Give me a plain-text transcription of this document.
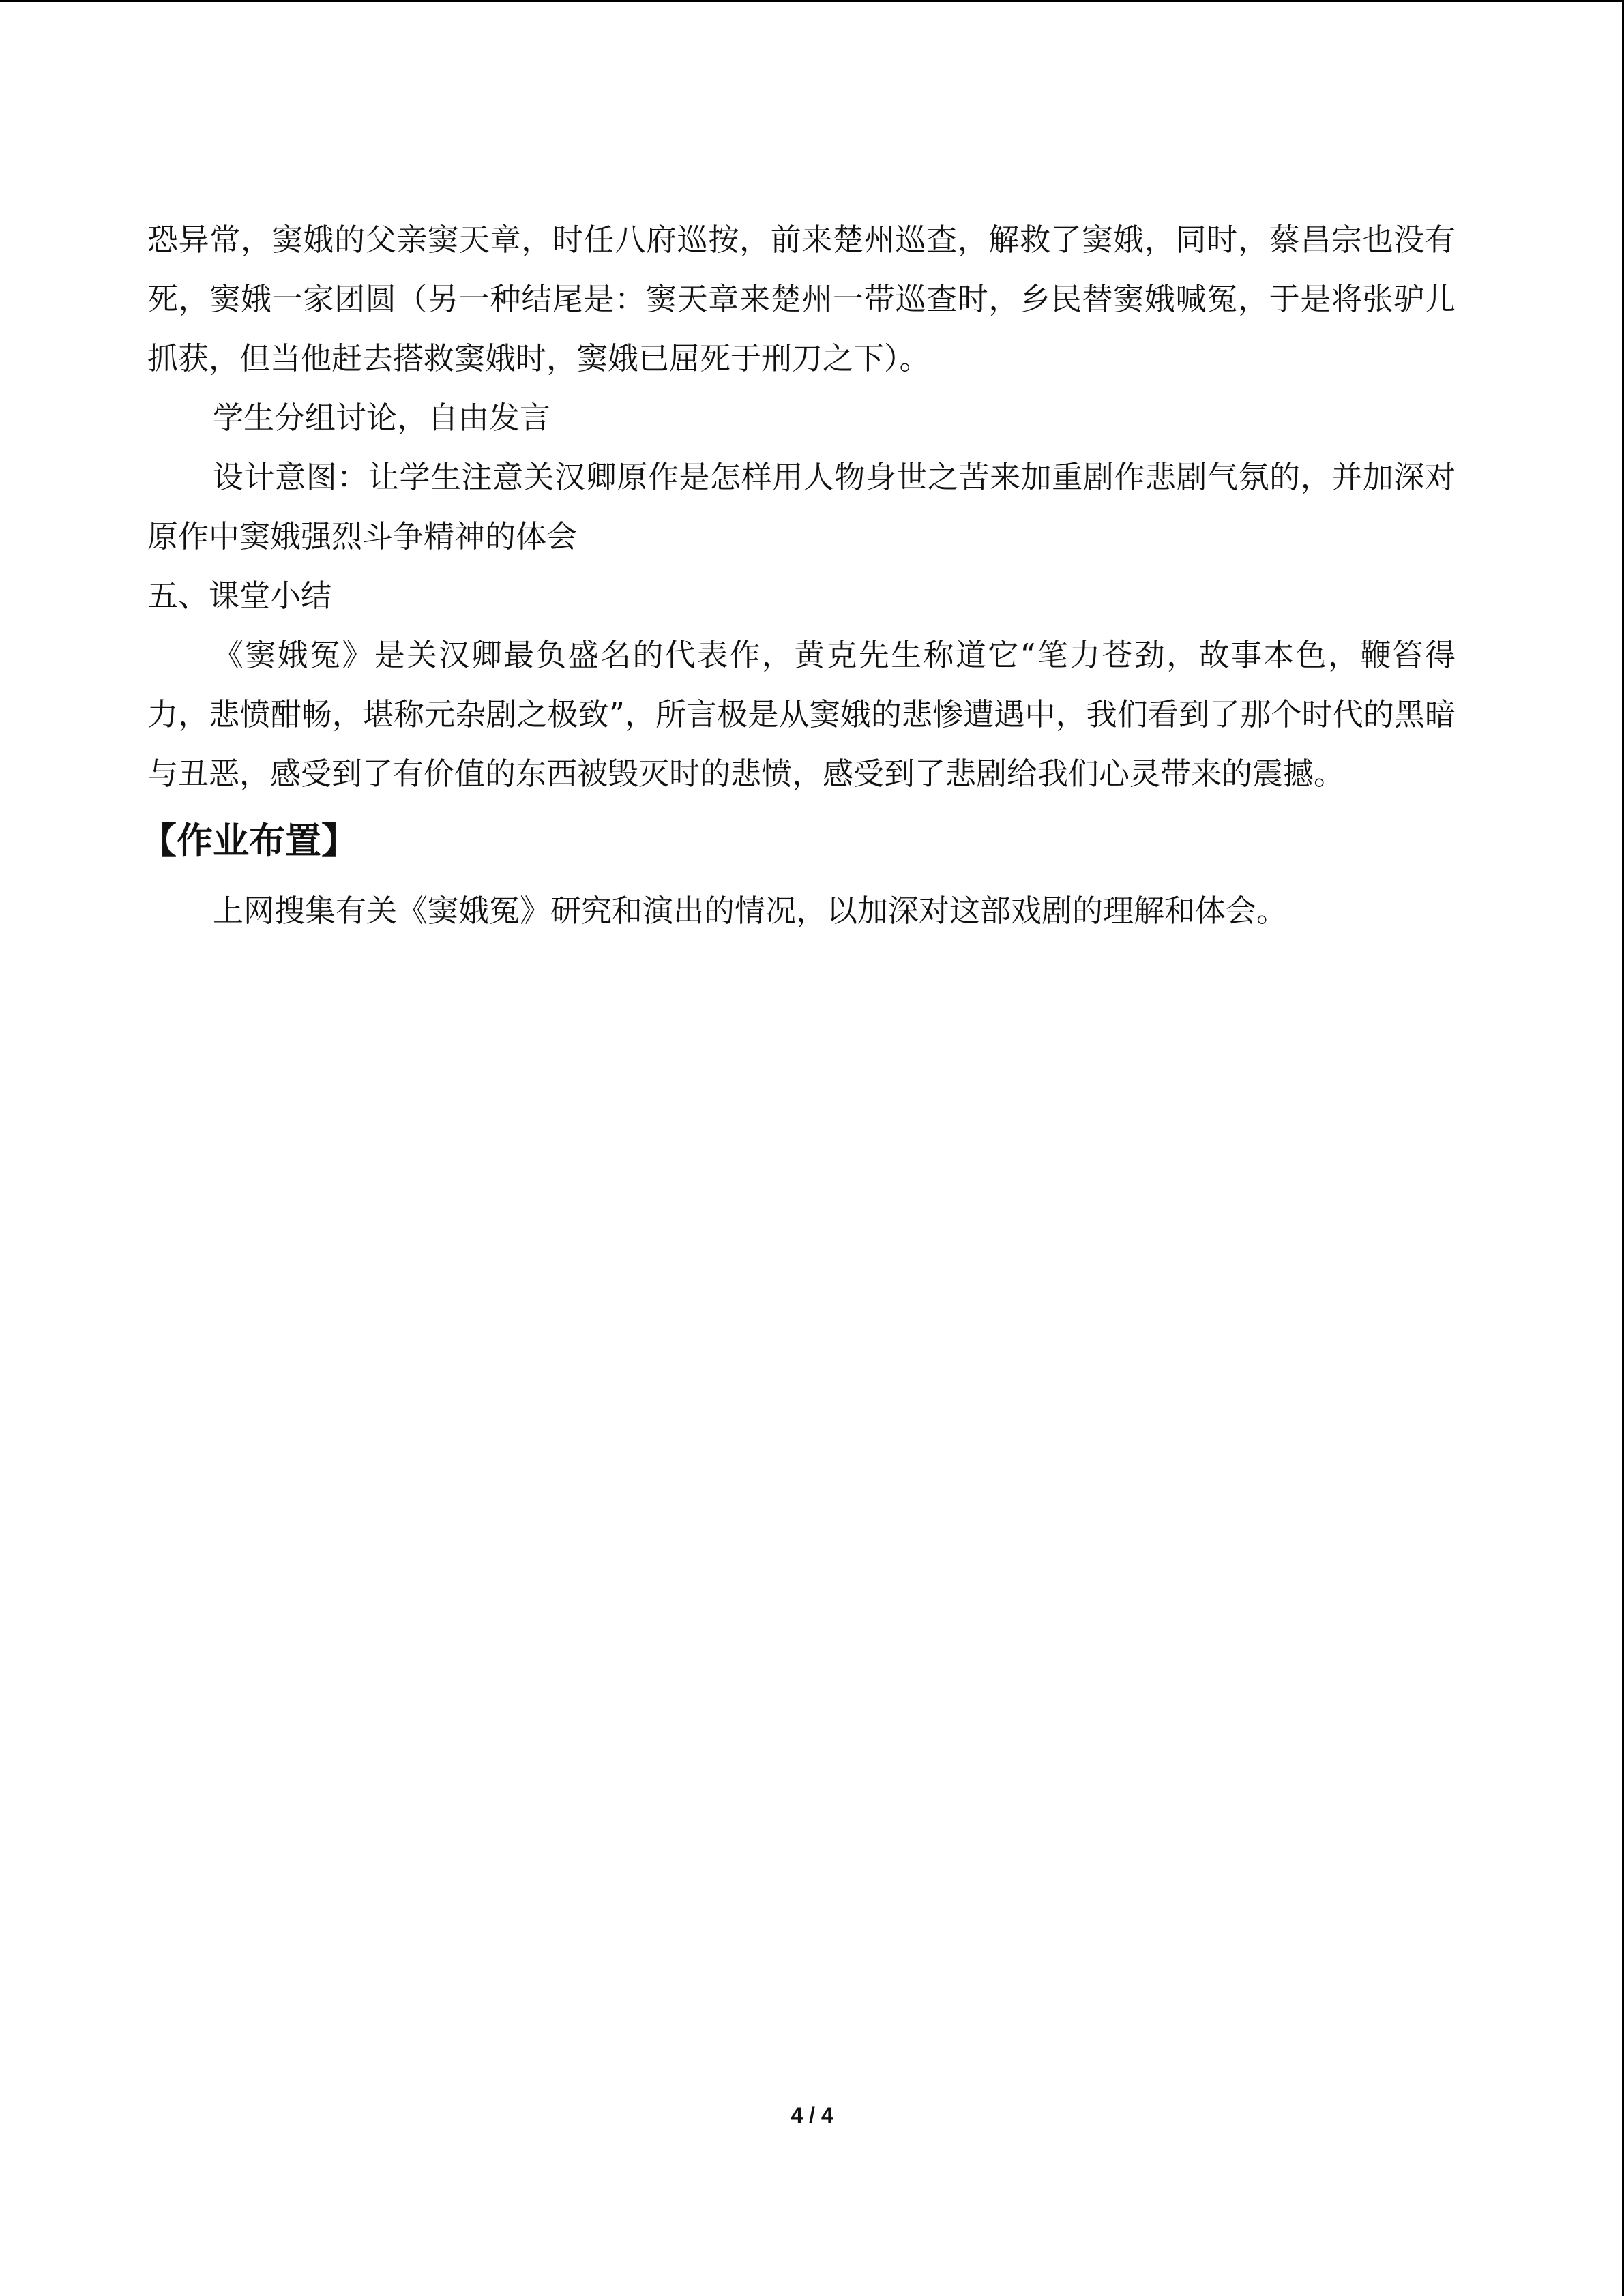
恐异常，窦娥的父亲窦天章，时任八府巡按，前来楚州巡查，解救了窦娥，同时，蔡昌宗也没有死，窦娥一家团圆（另一种结尾是：窦天章来楚州一带巡查时，乡民替窦娥喊冤，于是将张驴儿抓获，但当他赶去搭救窦娥时，窦娥已屈死于刑刀之下）。

学生分组讨论，自由发言

设计意图：让学生注意关汉卿原作是怎样用人物身世之苦来加重剧作悲剧气氛的，并加深对原作中窦娥强烈斗争精神的体会

五、课堂小结

《窦娥冤》是关汉卿最负盛名的代表作，黄克先生称道它“笔力苍劲，故事本色，鞭笞得力，悲愤酣畅，堪称元杂剧之极致”，所言极是从窦娥的悲惨遭遇中，我们看到了那个时代的黑暗与丑恶，感受到了有价值的东西被毁灭时的悲愤，感受到了悲剧给我们心灵带来的震撼。

【作业布置】

上网搜集有关《窦娥冤》研究和演出的情况，以加深对这部戏剧的理解和体会。

4 / 4
